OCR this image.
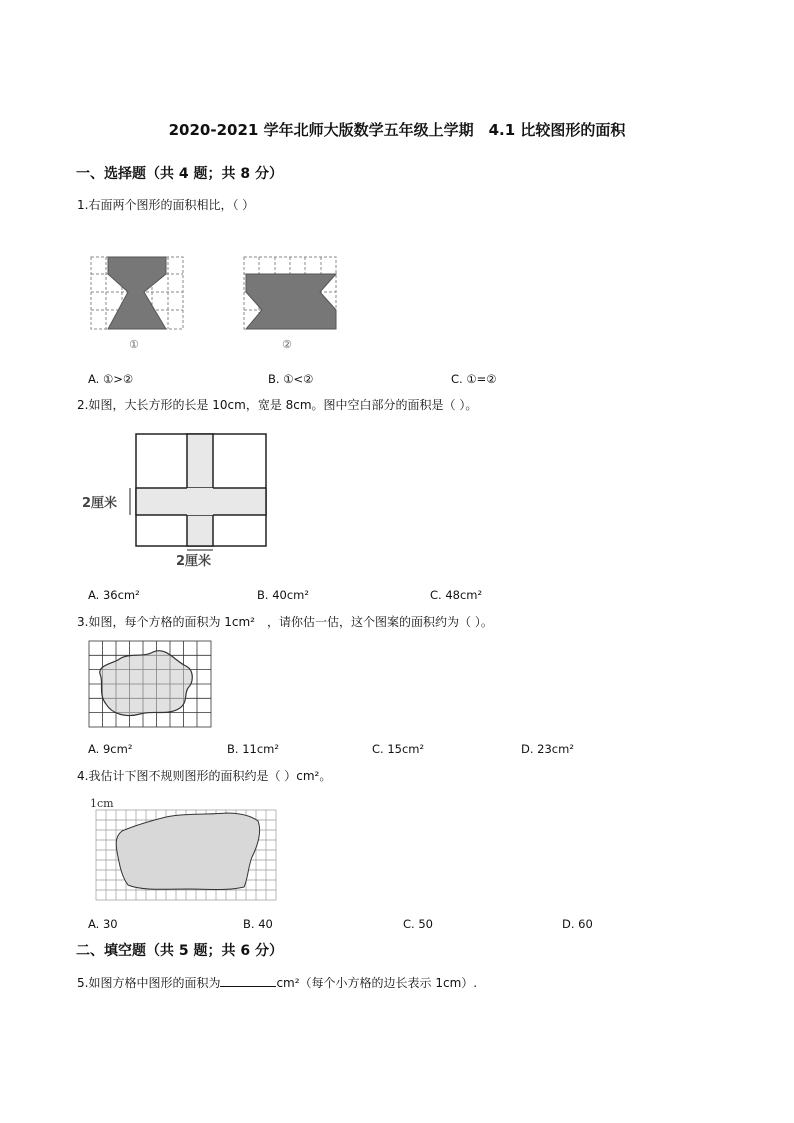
2020-2021 学年北师大版数学五年级上学期　4.1 比较图形的面积
一、选择题（共 4 题；共 8 分）
1.右面两个图形的面积相比，（ ）
①	②
A. ①>②	B. ①<②	C. ①=②
2.如图，大长方形的长是 10cm，宽是 8cm。图中空白部分的面积是（ ）。
2厘米
2厘米
A. 36cm²	B. 40cm²	C. 48cm²
3.如图，每个方格的面积为 1cm²　，请你估一估，这个图案的面积约为（ ）。
A. 9cm²	B. 11cm²	C. 15cm²	D. 23cm²
4.我估计下图不规则图形的面积约是（ ）cm²。
1cm
A. 30	B. 40	C. 50	D. 60
二、填空题（共 5 题；共 6 分）
5.如图方格中图形的面积为	cm²（每个小方格的边长表示 1cm）.
